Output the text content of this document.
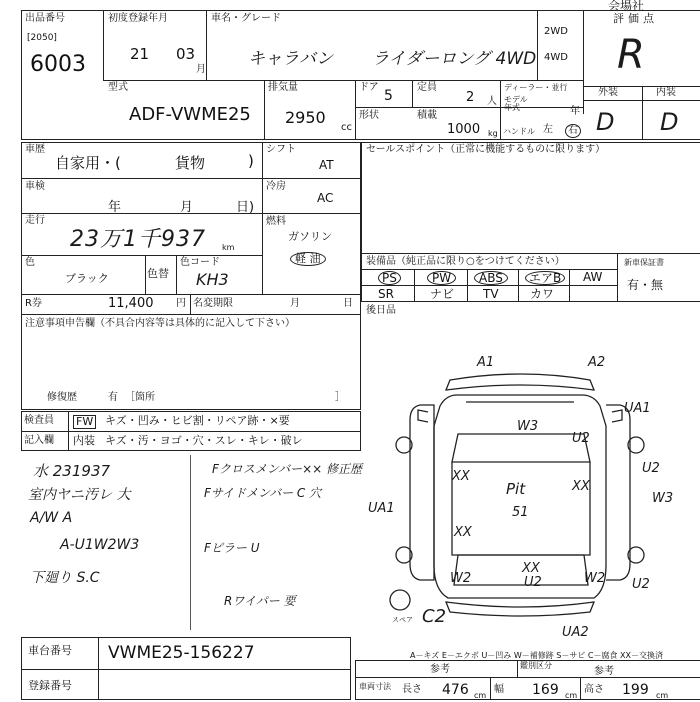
会場社
出品番号
[2050]
6003
初度登録年月
21 03
月
車名・グレード
キャラバン ライダーロング 4WD
2WD
4WD
評価点
R
型式
ADF-VWME25
排気量
2950
cc
ドア
5
定員
2 人
ディーラー・並行
モデル年式	年
形状	積載
1000 kg ハンドル 左	右
外装	内装
D D
車歴
自家用・(	貨物	)
シフト
AT
車検
年	月	日)
冷房
AC
走行
23万1千937 km
燃料
ガソリン
軽 油
色
ブラック	色替
色コード
KH3
R券	11,400 円 名変期限	月	日
注意事項申告欄（不具合内容等は具体的に記入して下さい）
修復歴	有 ［箇所	］
セールスポイント（正常に機能するものに限ります）
装備品（純正品に限り○をつけてください）	新車保証書
有・無
PS	PW	ABS	エアB	AW
SR	ナビ TV	カワ
後日品
検査員 FW キズ・凹み・ヒビ割・リペア跡・×要
記入欄 内装 キズ・汚・ヨゴ・穴・スレ・キレ・破レ
水 231937
室内ヤニ汚レ 大
A/W A
A-U1W2W3
下廻り S.C
Fクロスメンバー×× 修正歴
Fサイドメンバー C 穴
Fピラー U
Rワイパー 要
A1	A2
UA1
U2
U2
XX
XX
W3
W3
UA1
XX
XX
W2	W2
U2	U2
C2
UA2
Pit
51
スペア
A－キズ E－エクボ U－凹み W－補修跡 S－サビ C－腐食 XX－交換済
参考	鑑別区分
参考
車両寸法	長さ 476 cm
幅 169 cm
高さ 199 cm
車台番号 VWME25-156227
登録番号
